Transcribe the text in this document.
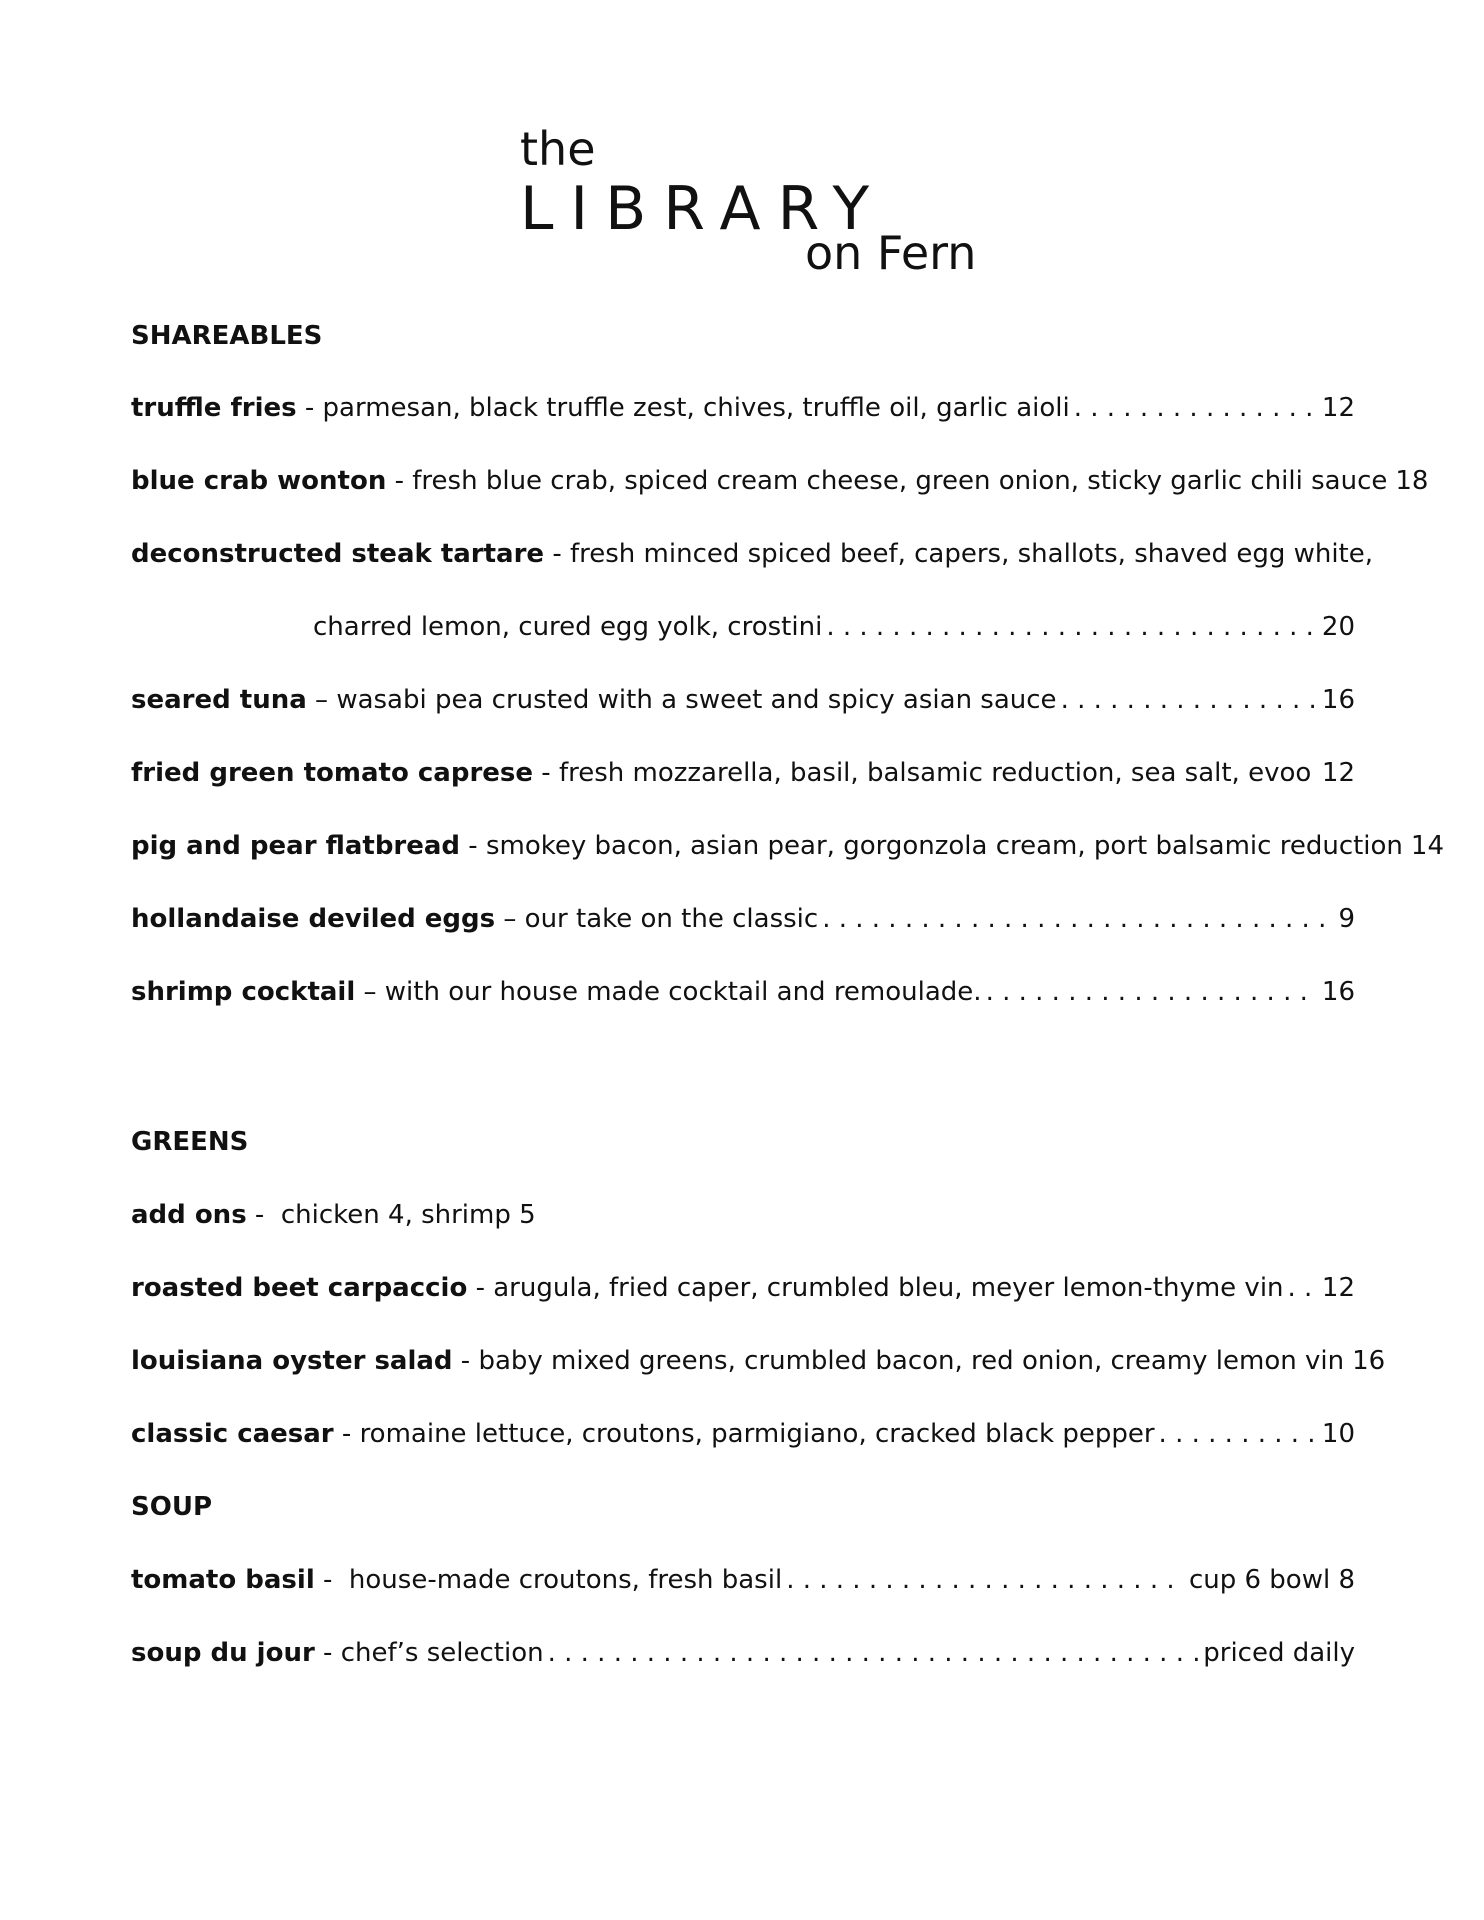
the
LIBRARY
on Fern
SHAREABLES
truffle fries - parmesan, black truffle zest, chives, truffle oil, garlic aioli . . .	12
blue crab wonton - fresh blue crab, spiced cream cheese, green onion, sticky garlic chili sauce 18
deconstructed steak tartare - fresh minced spiced beef, capers, shallots, shaved egg white,
charred lemon, cured egg yolk, crostini . . .	20
seared tuna – wasabi pea crusted with a sweet and spicy asian sauce . . .	16
fried green tomato caprese - fresh mozzarella, basil, balsamic reduction, sea salt, evoo . . . 12
pig and pear flatbread - smokey bacon, asian pear, gorgonzola cream, port balsamic reduction 14
hollandaise deviled eggs – our take on the classic . . .	9
shrimp cocktail – with our house made cocktail and remoulade. . . .	16
GREENS
add ons - chicken 4, shrimp 5
roasted beet carpaccio - arugula, fried caper, crumbled bleu, meyer lemon-thyme vin . . . 12
louisiana oyster salad - baby mixed greens, crumbled bacon, red onion, creamy lemon vin 16
classic caesar - romaine lettuce, croutons, parmigiano, cracked black pepper . . .	10
SOUP
tomato basil - house-made croutons, fresh basil . . .	cup 6 bowl 8
soup du jour - chef’s selection . . .	priced daily
